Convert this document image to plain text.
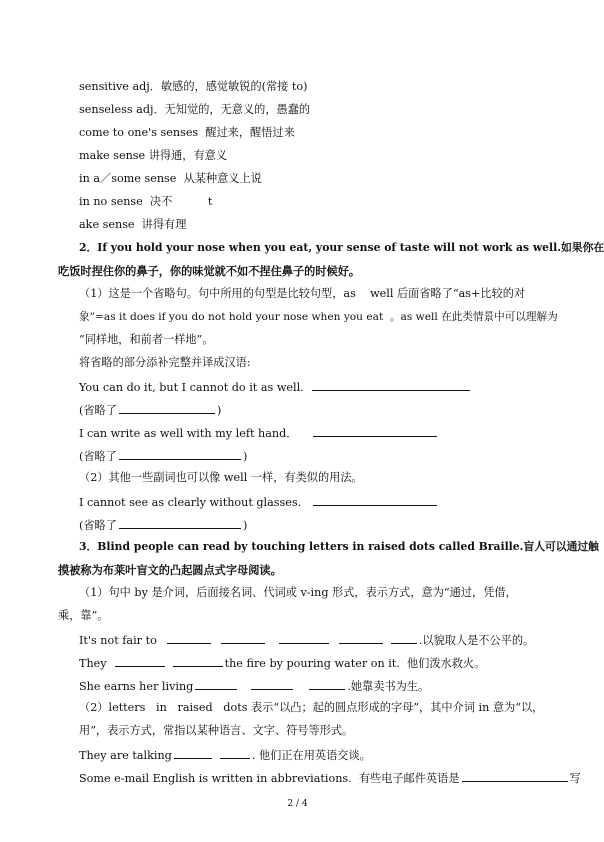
sensitive adj．敏感的，感觉敏锐的(常接 to)
senseless adj．无知觉的，无意义的，愚蠢的
come to one's senses  醒过来，醒悟过来
make sense 讲得通，有意义
in a／some sense  从某种意义上说
in no sense  决不          t
ake sense  讲得有理
2．If you hold your nose when you eat, your sense of taste will not work as well.如果你在
吃饭时捏住你的鼻子，你的味觉就不如不捏住鼻子的时候好。
（1）这是一个省略句。句中所用的句型是比较句型，as    well 后面省略了“as+比较的对
象”=as it does if you do not hold your nose when you eat  。as well 在此类情景中可以理解为
“同样地，和前者一样地”。
将省略的部分添补完整并译成汉语:
You can do it, but I cannot do it as well.
(省略了	)
I can write as well with my left hand．
(省略了	)
（2）其他一些副词也可以像 well 一样，有类似的用法。
I cannot see as clearly without glasses.
(省略了	)
3．Blind people can read by touching letters in raised dots called Braille.盲人可以通过触
摸被称为布莱叶盲文的凸起圆点式字母阅读。
（1）句中 by 是介词，后面接名词、代词或 v-ing 形式，表示方式，意为“通过，凭借，
乘，靠”。
It's not fair to	.以貌取人是不公平的。
They	the fire by pouring water on it.  他们泼水救火。
She earns her living	.她靠卖书为生。
（2）letters   in   raised   dots 表示“以凸；起的圆点形成的字母”，其中介词 in 意为“以，
用”，表示方式，常指以某种语言、文字、符号等形式。
They are talking	. 他们正在用英语交谈。
Some e-mail English is written in abbreviations.  有些电子邮件英语是	写
2 / 4
